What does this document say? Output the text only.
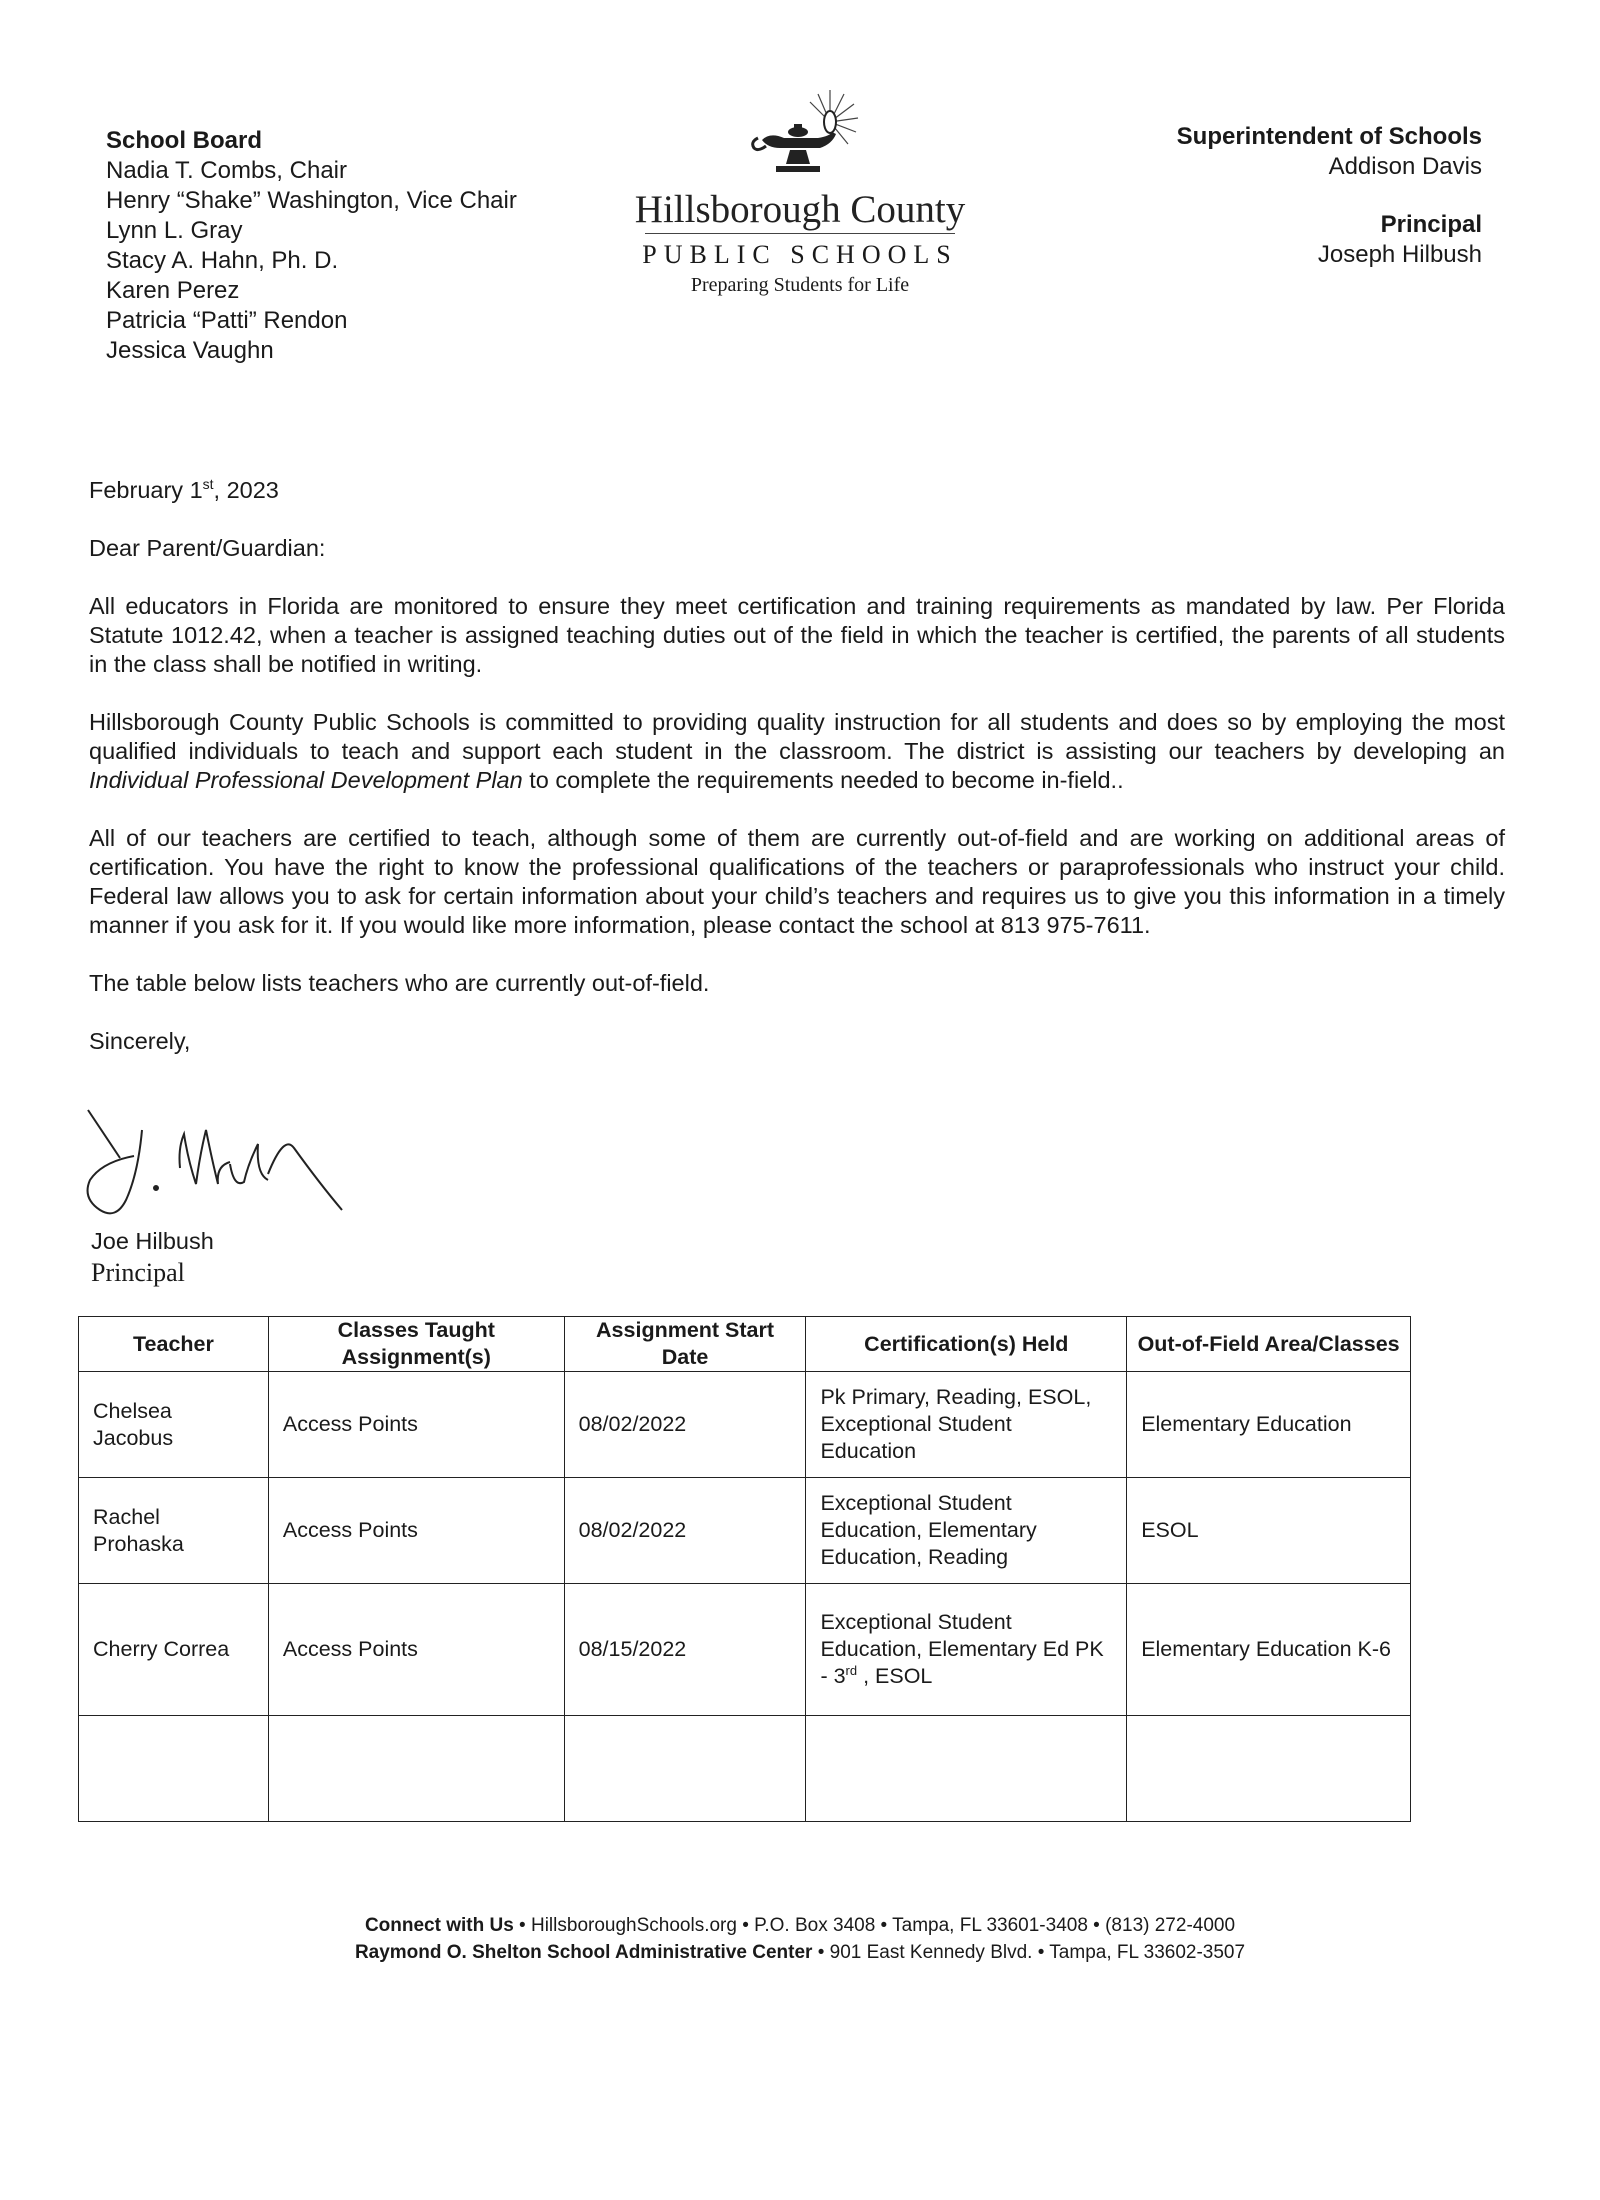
School Board
Nadia T. Combs, Chair
Henry “Shake” Washington, Vice Chair
Lynn L. Gray
Stacy A. Hahn, Ph. D.
Karen Perez
Patricia “Patti” Rendon
Jessica Vaughn
Hillsborough County
PUBLIC SCHOOLS
Preparing Students for Life
Superintendent of Schools
Addison Davis
Principal
Joseph Hilbush

February 1st, 2023

Dear Parent/Guardian:

All educators in Florida are monitored to ensure they meet certification and training requirements as mandated by law. Per Florida Statute 1012.42, when a teacher is assigned teaching duties out of the field in which the teacher is certified, the parents of all students in the class shall be notified in writing.

Hillsborough County Public Schools is committed to providing quality instruction for all students and does so by employing the most qualified individuals to teach and support each student in the classroom. The district is assisting our teachers by developing an Individual Professional Development Plan to complete the requirements needed to become in-field..

All of our teachers are certified to teach, although some of them are currently out-of-field and are working on additional areas of certification. You have the right to know the professional qualifications of the teachers or paraprofessionals who instruct your child. Federal law allows you to ask for certain information about your child’s teachers and requires us to give you this information in a timely manner if you ask for it. If you would like more information, please contact the school at 813 975-7611.

The table below lists teachers who are currently out-of-field.

Sincerely,

Joe Hilbush
Principal
Teacher	Classes Taught Assignment(s)	Assignment Start Date	Certification(s) Held	Out-of-Field Area/Classes
Chelsea Jacobus	Access Points	08/02/2022	Pk Primary, Reading, ESOL, Exceptional Student Education	Elementary Education
Rachel Prohaska	Access Points	08/02/2022	Exceptional Student Education, Elementary Education, Reading	ESOL
Cherry Correa	Access Points	08/15/2022	Exceptional Student Education, Elementary Ed PK - 3rd , ESOL	Elementary Education K-6

Connect with Us • HillsboroughSchools.org • P.O. Box 3408 • Tampa, FL 33601-3408 • (813) 272-4000
Raymond O. Shelton School Administrative Center • 901 East Kennedy Blvd. • Tampa, FL 33602-3507
